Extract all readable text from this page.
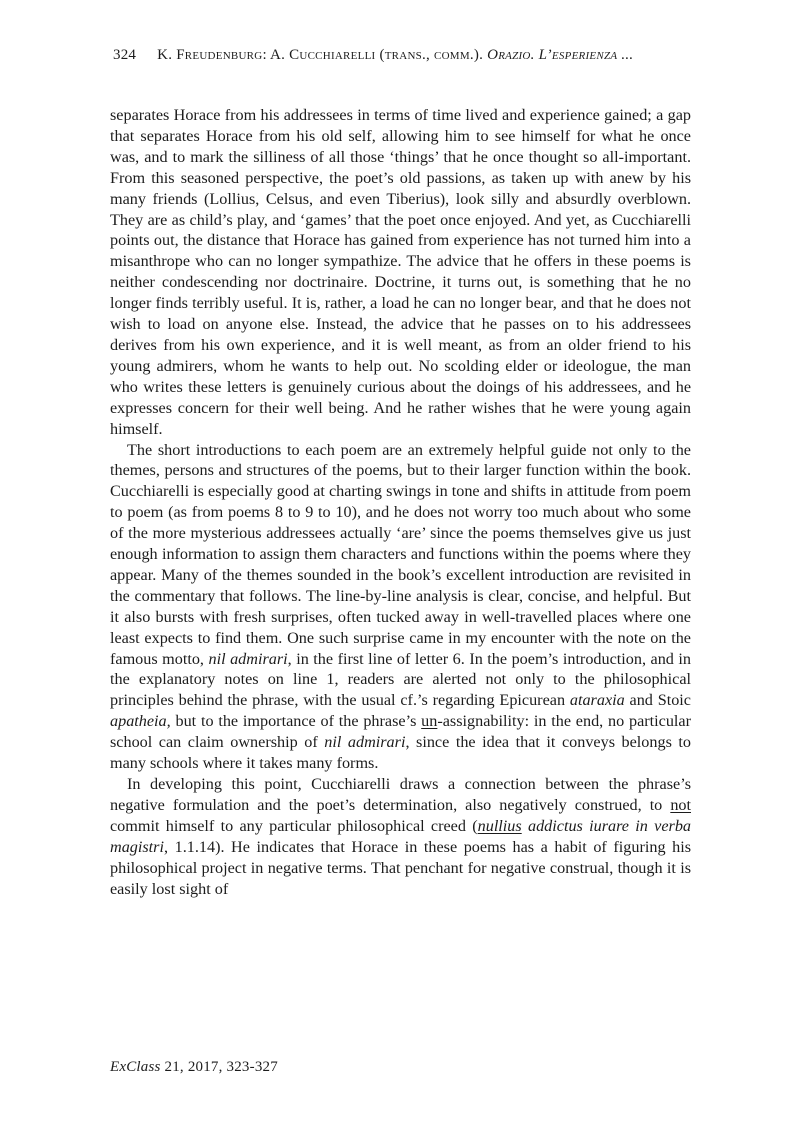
324 K. Freudenburg: A. Cucchiarelli (trans., comm.). Orazio. L’esperienza ...

separates Horace from his addressees in terms of time lived and experience gained; a gap that separates Horace from his old self, allowing him to see himself for what he once was, and to mark the silliness of all those ‘things’ that he once thought so all-important. From this seasoned perspective, the poet’s old passions, as taken up with anew by his many friends (Lollius, Celsus, and even Tiberius), look silly and absurdly overblown. They are as child’s play, and ‘games’ that the poet once enjoyed. And yet, as Cucchiarelli points out, the distance that Horace has gained from experience has not turned him into a misanthrope who can no longer sympathize. The advice that he offers in these poems is neither condescending nor doctrinaire. Doctrine, it turns out, is something that he no longer finds terribly useful. It is, rather, a load he can no longer bear, and that he does not wish to load on anyone else. Instead, the advice that he passes on to his addressees derives from his own experience, and it is well meant, as from an older friend to his young admirers, whom he wants to help out. No scolding elder or ideologue, the man who writes these letters is genuinely curious about the doings of his addressees, and he expresses concern for their well being. And he rather wishes that he were young again himself.

The short introductions to each poem are an extremely helpful guide not only to the themes, persons and structures of the poems, but to their larger function within the book. Cucchiarelli is especially good at charting swings in tone and shifts in attitude from poem to poem (as from poems 8 to 9 to 10), and he does not worry too much about who some of the more mysterious addressees actually ‘are’ since the poems themselves give us just enough information to assign them characters and functions within the poems where they appear. Many of the themes sounded in the book’s excellent introduction are revisited in the commentary that follows. The line-by-line analysis is clear, concise, and helpful. But it also bursts with fresh surprises, often tucked away in well-travelled places where one least expects to find them. One such surprise came in my encounter with the note on the famous motto, nil admirari, in the first line of letter 6. In the poem’s introduction, and in the explanatory notes on line 1, readers are alerted not only to the philosophical principles behind the phrase, with the usual cf.’s regarding Epicurean ataraxia and Stoic apatheia, but to the importance of the phrase’s un-assignability: in the end, no particular school can claim ownership of nil admirari, since the idea that it conveys belongs to many schools where it takes many forms.

In developing this point, Cucchiarelli draws a connection between the phrase’s negative formulation and the poet’s determination, also negatively construed, to not commit himself to any particular philosophical creed (nullius addictus iurare in verba magistri, 1.1.14). He indicates that Horace in these poems has a habit of figuring his philosophical project in negative terms. That penchant for negative construal, though it is easily lost sight of

ExClass 21, 2017, 323-327
